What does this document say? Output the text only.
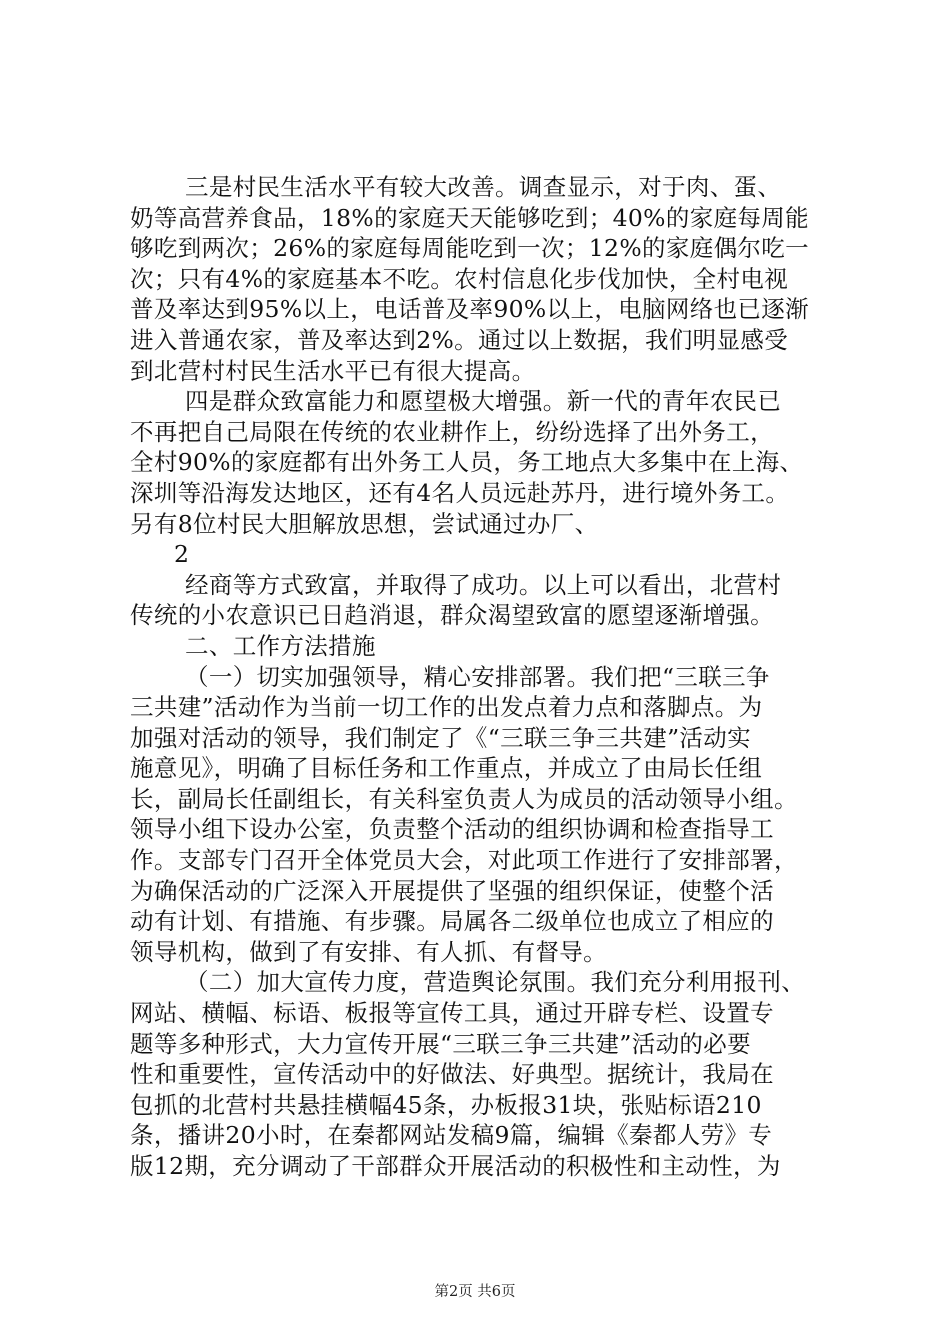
三是村民生活水平有较大改善。调查显示，对于肉、蛋、
奶等高营养食品，18%的家庭天天能够吃到；40%的家庭每周能
够吃到两次；26%的家庭每周能吃到一次；12%的家庭偶尔吃一
次；只有4%的家庭基本不吃。农村信息化步伐加快，全村电视
普及率达到95%以上，电话普及率90%以上，电脑网络也已逐渐
进入普通农家，普及率达到2%。通过以上数据，我们明显感受
到北营村村民生活水平已有很大提高。
四是群众致富能力和愿望极大增强。新一代的青年农民已
不再把自己局限在传统的农业耕作上，纷纷选择了出外务工，
全村90%的家庭都有出外务工人员，务工地点大多集中在上海、
深圳等沿海发达地区，还有4名人员远赴苏丹，进行境外务工。
另有8位村民大胆解放思想，尝试通过办厂、
2
经商等方式致富，并取得了成功。以上可以看出，北营村
传统的小农意识已日趋消退，群众渴望致富的愿望逐渐增强。
二、工作方法措施
（一）切实加强领导，精心安排部署。我们把“三联三争
三共建”活动作为当前一切工作的出发点着力点和落脚点。为
加强对活动的领导，我们制定了《“三联三争三共建”活动实
施意见》，明确了目标任务和工作重点，并成立了由局长任组
长，副局长任副组长，有关科室负责人为成员的活动领导小组。
领导小组下设办公室，负责整个活动的组织协调和检查指导工
作。支部专门召开全体党员大会，对此项工作进行了安排部署，
为确保活动的广泛深入开展提供了坚强的组织保证，使整个活
动有计划、有措施、有步骤。局属各二级单位也成立了相应的
领导机构，做到了有安排、有人抓、有督导。
（二）加大宣传力度，营造舆论氛围。我们充分利用报刊、
网站、横幅、标语、板报等宣传工具，通过开辟专栏、设置专
题等多种形式，大力宣传开展“三联三争三共建”活动的必要
性和重要性，宣传活动中的好做法、好典型。据统计，我局在
包抓的北营村共悬挂横幅45条，办板报31块，张贴标语210
条，播讲20小时，在秦都网站发稿9篇，编辑《秦都人劳》专
版12期，充分调动了干部群众开展活动的积极性和主动性，为
第2页 共6页
